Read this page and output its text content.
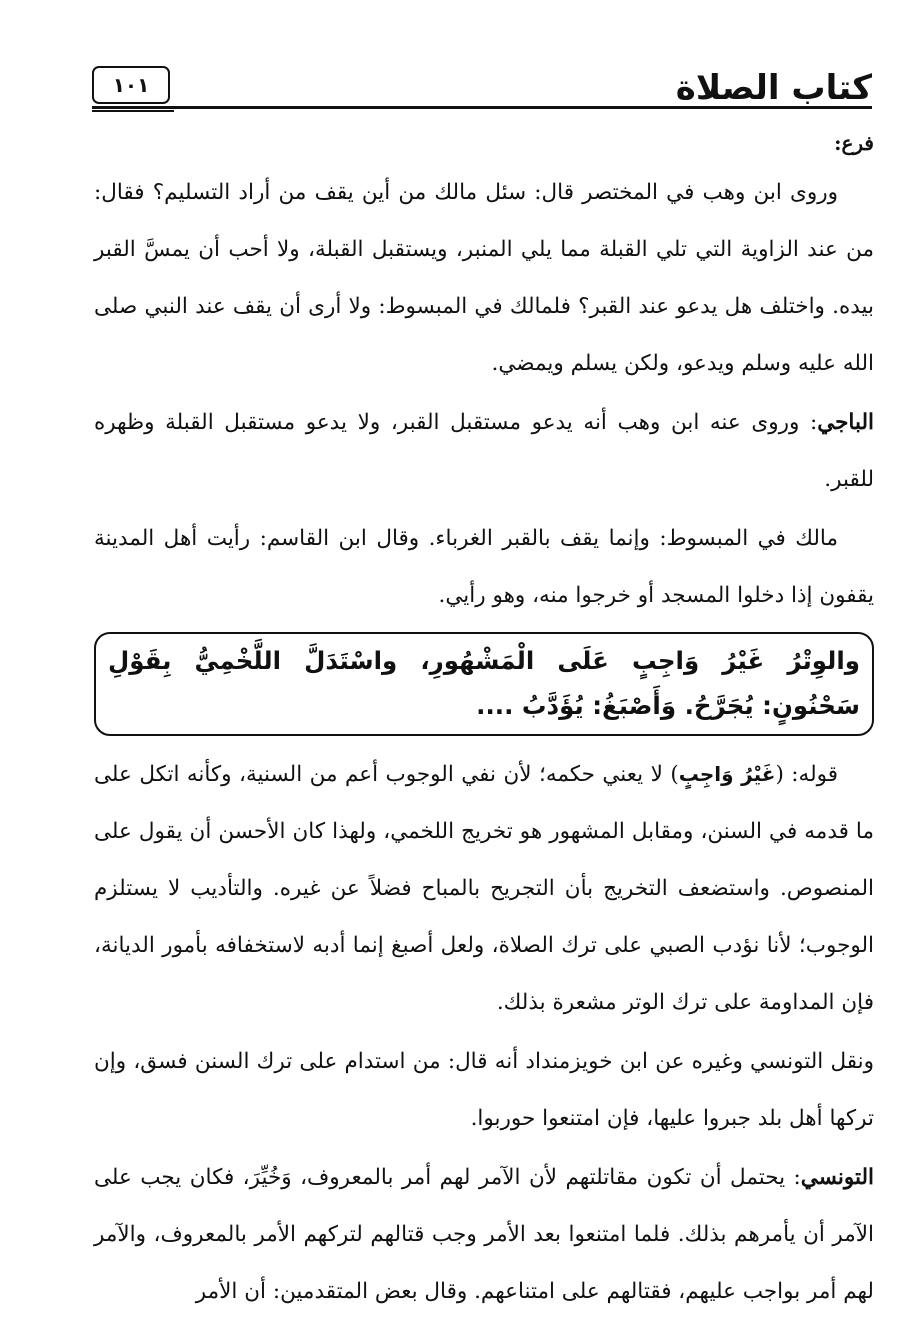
كتاب الصلاة
١٠١

فرع:

وروى ابن وهب في المختصر قال: سئل مالك من أين يقف من أراد التسليم؟ فقال: من عند الزاوية التي تلي القبلة مما يلي المنبر، ويستقبل القبلة، ولا أحب أن يمسَّ القبر بيده. واختلف هل يدعو عند القبر؟ فلمالك في المبسوط: ولا أرى أن يقف عند النبي صلى الله عليه وسلم ويدعو، ولكن يسلم ويمضي.

الباجي: وروى عنه ابن وهب أنه يدعو مستقبل القبر، ولا يدعو مستقبل القبلة وظهره للقبر.

مالك في المبسوط: وإنما يقف بالقبر الغرباء. وقال ابن القاسم: رأيت أهل المدينة يقفون إذا دخلوا المسجد أو خرجوا منه، وهو رأيي.

والوِتْرُ غَيْرُ وَاجِبٍ عَلَى الْمَشْهُورِ، واسْتَدَلَّ اللَّخْمِيُّ بِقَوْلِ سَحْنُونٍ: يُجَرَّحُ. وَأَصْبَغُ: يُؤَدَّبُ ....

قوله: (غَيْرُ وَاجِبٍ) لا يعني حكمه؛ لأن نفي الوجوب أعم من السنية، وكأنه اتكل على ما قدمه في السنن، ومقابل المشهور هو تخريج اللخمي، ولهذا كان الأحسن أن يقول على المنصوص. واستضعف التخريج بأن التجريح بالمباح فضلاً عن غيره. والتأديب لا يستلزم الوجوب؛ لأنا نؤدب الصبي على ترك الصلاة، ولعل أصبغ إنما أدبه لاستخفافه بأمور الديانة، فإن المداومة على ترك الوتر مشعرة بذلك.

ونقل التونسي وغيره عن ابن خويزمنداد أنه قال: من استدام على ترك السنن فسق، وإن تركها أهل بلد جبروا عليها، فإن امتنعوا حوربوا.

التونسي: يحتمل أن تكون مقاتلتهم لأن الآمر لهم أمر بالمعروف، وَخُيِّرَ، فكان يجب على الآمر أن يأمرهم بذلك. فلما امتنعوا بعد الأمر وجب قتالهم لتركهم الأمر بالمعروف، والآمر لهم أمر بواجب عليهم، فقتالهم على امتناعهم. وقال بعض المتقدمين: أن الأمر
